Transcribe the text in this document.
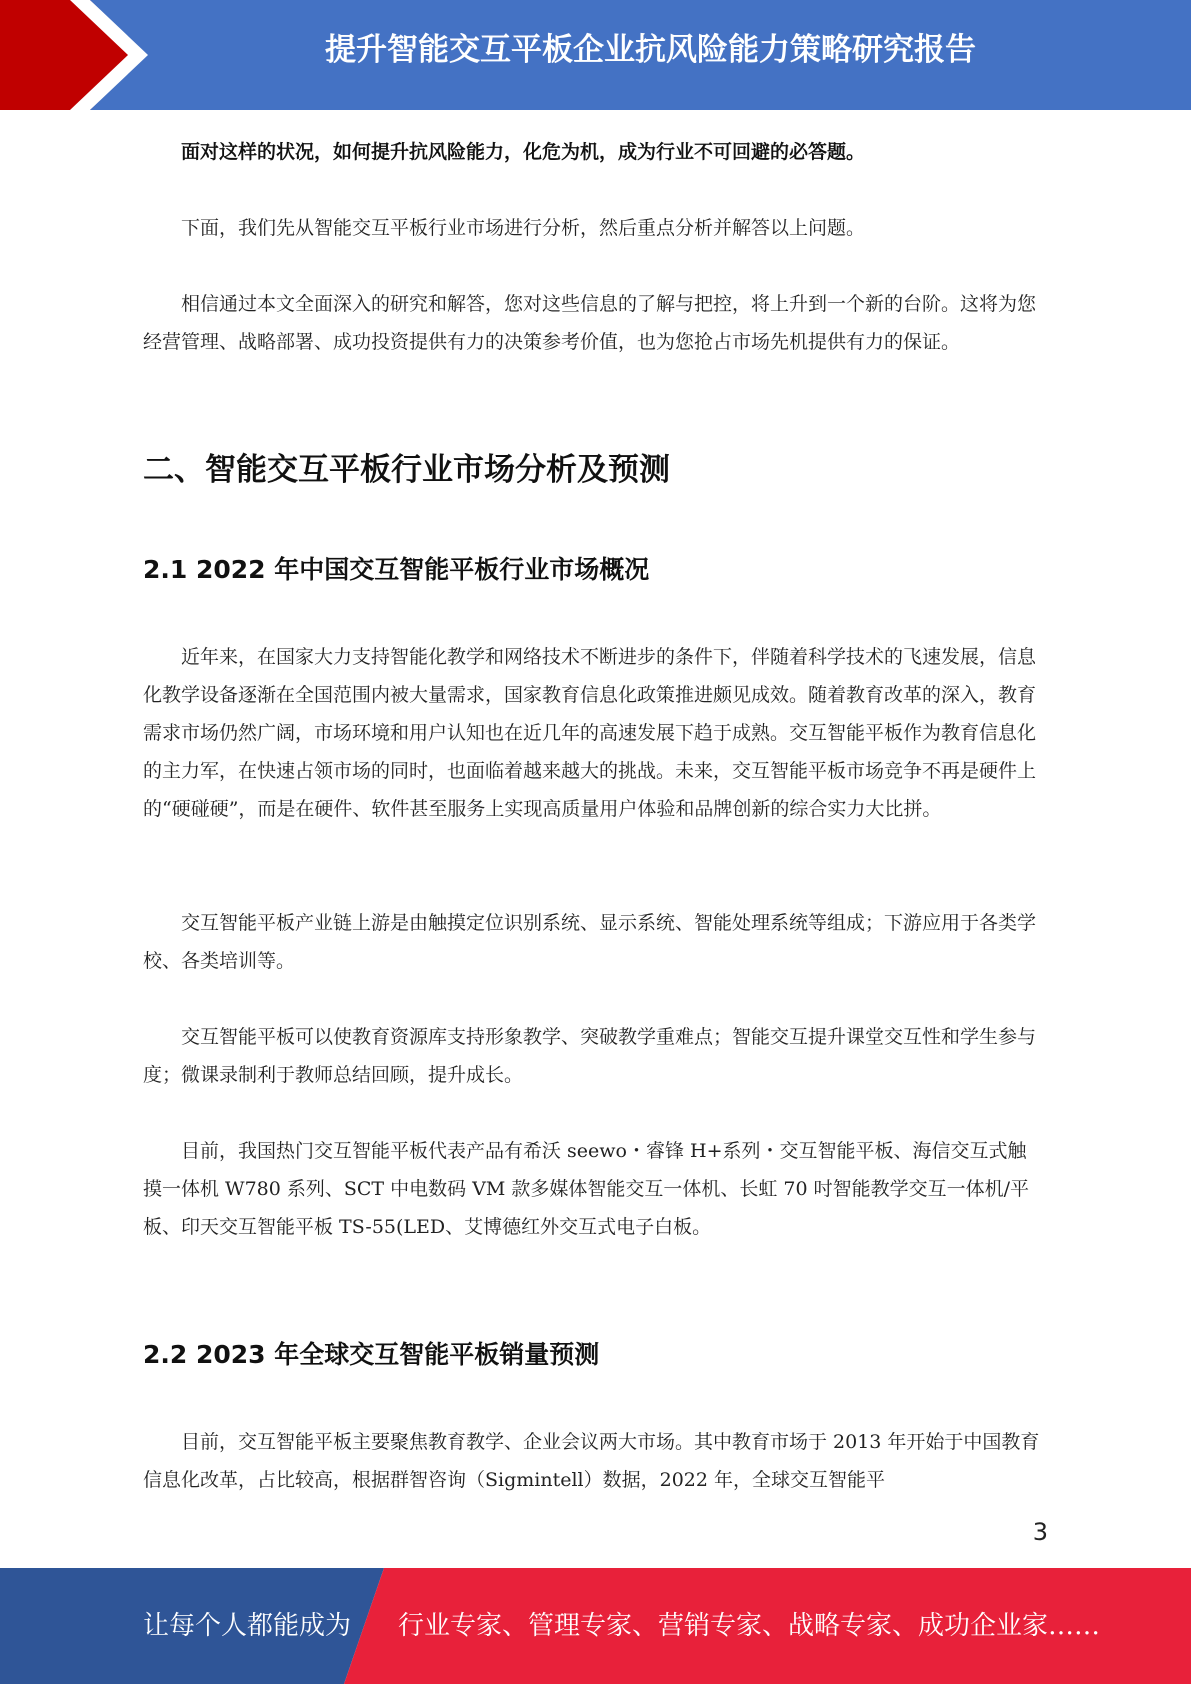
提升智能交互平板企业抗风险能力策略研究报告

面对这样的状况，如何提升抗风险能力，化危为机，成为行业不可回避的必答题。

下面，我们先从智能交互平板行业市场进行分析，然后重点分析并解答以上问题。

相信通过本文全面深入的研究和解答，您对这些信息的了解与把控，将上升到一个新的台阶。这将为您经营管理、战略部署、成功投资提供有力的决策参考价值，也为您抢占市场先机提供有力的保证。

二、智能交互平板行业市场分析及预测
2.1 2022 年中国交互智能平板行业市场概况

近年来，在国家大力支持智能化教学和网络技术不断进步的条件下，伴随着科学技术的飞速发展，信息化教学设备逐渐在全国范围内被大量需求，国家教育信息化政策推进颇见成效。随着教育改革的深入，教育需求市场仍然广阔，市场环境和用户认知也在近几年的高速发展下趋于成熟。交互智能平板作为教育信息化的主力军，在快速占领市场的同时，也面临着越来越大的挑战。未来，交互智能平板市场竞争不再是硬件上的“硬碰硬”，而是在硬件、软件甚至服务上实现高质量用户体验和品牌创新的综合实力大比拼。

交互智能平板产业链上游是由触摸定位识别系统、显示系统、智能处理系统等组成；下游应用于各类学校、各类培训等。

交互智能平板可以使教育资源库支持形象教学、突破教学重难点；智能交互提升课堂交互性和学生参与度；微课录制利于教师总结回顾，提升成长。

目前，我国热门交互智能平板代表产品有希沃 seewo・睿锋 H+系列・交互智能平板、海信交互式触摸一体机 W780 系列、SCT 中电数码 VM 款多媒体智能交互一体机、长虹 70 吋智能教学交互一体机/平板、印天交互智能平板 TS-55(LED、艾博德红外交互式电子白板。

2.2 2023 年全球交互智能平板销量预测

目前，交互智能平板主要聚焦教育教学、企业会议两大市场。其中教育市场于 2013 年开始于中国教育信息化改革，占比较高，根据群智咨询（Sigmintell）数据，2022 年，全球交互智能平

3
让每个人都能成为 行业专家、管理专家、营销专家、战略专家、成功企业家……
